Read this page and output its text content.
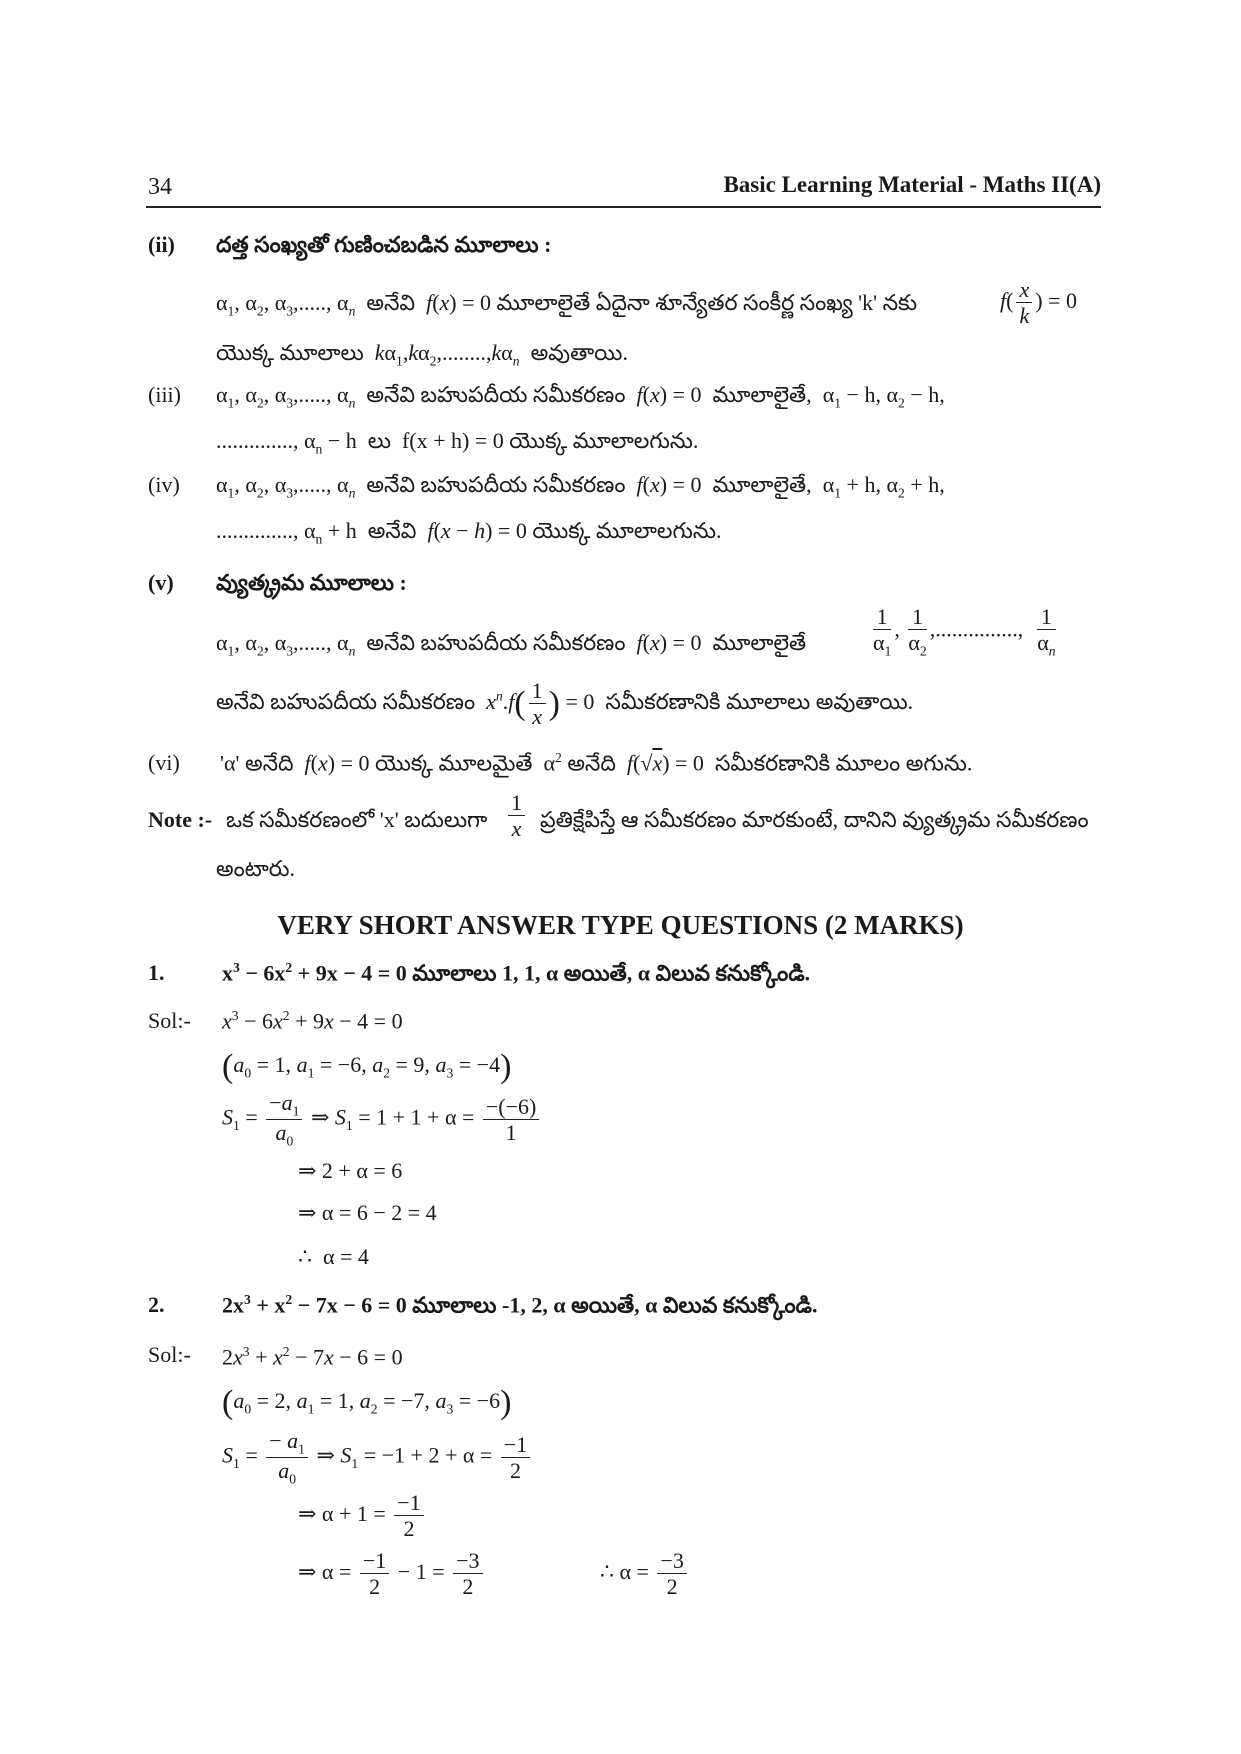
34	Basic Learning Material - Maths II(A)
(ii) దత్త సంఖ్యతో గుణించబడిన మూలాలు :
$\alpha_1$, $\alpha_2$, $\alpha_3$,....., $\alpha_n$ అనేవి f(x) = 0 మూలాలైతే ఏదైనా శూన్యేతర సంకీర్ణ సంఖ్య 'k' నకు	$f( \frac{x}{k}$ ) = 0
యొక్క మూలాలు $k\alpha_1,k\alpha_2,........,k\alpha_n$ అవుతాయి.
(iii) $\alpha_1$, $\alpha_2$, $\alpha_3$,....., $\alpha_n$ అనేవి బహుపదీయ సమీకరణం f(x) = 0  మూలాలైతే,  $\alpha_1 - h$, $\alpha_2 - h$,
.............., $\alpha_n - h$  లు  f(x + h) = 0 యొక్క మూలాలగును.
(iv) $\alpha_1$, $\alpha_2$, $\alpha_3$,....., $\alpha_n$ అనేవి బహుపదీయ సమీకరణం f(x) = 0  మూలాలైతే,  $\alpha_1 + h$, $\alpha_2 + h$,
.............., $\alpha_n + h$  అనేవి f(x − h) = 0 యొక్క మూలాలగును.
(v) వ్యుత్క్రమ మూలాలు :
$\alpha_1$, $\alpha_2$, $\alpha_3$,....., $\alpha_n$ అనేవి బహుపదీయ సమీకరణం f(x) = 0  మూలాలైతే	$\frac{1}{\alpha_1}$ , $\frac{1}{\alpha_2}$ ,..............., $\frac{1}{\alpha_n}$
అనేవి బహుపదీయ సమీకరణం $x^n.f( \frac{1}{x}$ ) = 0  సమీకరణానికి మూలాలు అవుతాయి.
(vi) 'α' అనేది f(x) = 0 యొక్క మూలమైతే  $\alpha^2$ అనేది f(√x) = 0  సమీకరణానికి మూలం అగును.
Note :- ఒక సమీకరణంలో 'x' బదులుగా $\frac{1}{x}$ ప్రతిక్షేపిస్తే ఆ సమీకరణం మారకుంటే, దానిని వ్యుత్క్రమ సమీకరణం
అంటారు.
VERY SHORT ANSWER TYPE QUESTIONS (2 MARKS)
1.	$x^3 - 6x^2 + 9x - 4 = 0$ మూలాలు 1, 1, α అయితే, α విలువ కనుక్కోండి.
Sol:- $x^3 - 6x^2 + 9x - 4 = 0$
($a_0 = 1$, $a_1 = -6$, $a_2 = 9$, $a_3 = -4$)
$S_1 = \frac{-a_1}{a_0}$ ⇒ $S_1 = 1 + 1 + \alpha = \frac{-(-6)}{1}$
⇒ 2 + α = 6
⇒ α = 6 − 2 = 4
∴  α = 4
2.	$2x^3 + x^2 - 7x - 6 = 0$ మూలాలు -1, 2, α అయితే, α విలువ కనుక్కోండి.
Sol:- $2x^3 + x^2 - 7x - 6 = 0$
($a_0 = 2$, $a_1 = 1$, $a_2 = -7$, $a_3 = -6$)
$S_1 = \frac{- a_1}{a_0}$ ⇒ $S_1 = -1 + 2 + \alpha = \frac{-1}{2}$
⇒ $\alpha + 1 = \frac{-1}{2}$
⇒ $\alpha = \frac{-1}{2} - 1 = \frac{-3}{2}$	∴ $\alpha = \frac{-3}{2}$
